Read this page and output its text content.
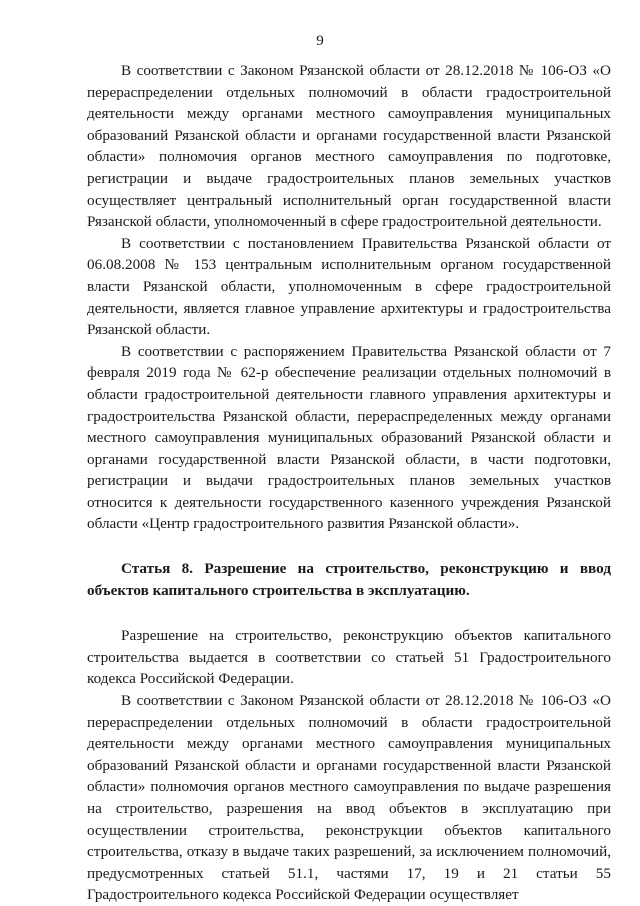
9

В соответствии с Законом Рязанской области от 28.12.2018 № 106-ОЗ «О перераспределении отдельных полномочий в области градостроительной деятельности между органами местного самоуправления муниципальных образований Рязанской области и органами государственной власти Рязанской области» полномочия органов местного самоуправления по подготовке, регистрации и выдаче градостроительных планов земельных участков осуществляет центральный исполнительный орган государственной власти Рязанской области, уполномоченный в сфере градостроительной деятельности.

В соответствии с постановлением Правительства Рязанской области от 06.08.2008 № 153 центральным исполнительным органом государственной власти Рязанской области, уполномоченным в сфере градостроительной деятельности, является главное управление архитектуры и градостроительства Рязанской области.

В соответствии с распоряжением Правительства Рязанской области от 7 февраля 2019 года № 62-р обеспечение реализации отдельных полномочий в области градостроительной деятельности главного управления архитектуры и градостроительства Рязанской области, перераспределенных между органами местного самоуправления муниципальных образований Рязанской области и органами государственной власти Рязанской области, в части подготовки, регистрации и выдачи градостроительных планов земельных участков относится к деятельности государственного казенного учреждения Рязанской области «Центр градостроительного развития Рязанской области».

Статья 8. Разрешение на строительство, реконструкцию и ввод объектов капитального строительства в эксплуатацию.

Разрешение на строительство, реконструкцию объектов капитального строительства выдается в соответствии со статьей 51 Градостроительного кодекса Российской Федерации.

В соответствии с Законом Рязанской области от 28.12.2018 № 106-ОЗ «О перераспределении отдельных полномочий в области градостроительной деятельности между органами местного самоуправления муниципальных образований Рязанской области и органами государственной власти Рязанской области» полномочия органов местного самоуправления по выдаче разрешения на строительство, разрешения на ввод объектов в эксплуатацию при осуществлении строительства, реконструкции объектов капитального строительства, отказу в выдаче таких разрешений, за исключением полномочий, предусмотренных статьей 51.1, частями 17, 19 и 21 статьи 55 Градостроительного кодекса Российской Федерации осуществляет
